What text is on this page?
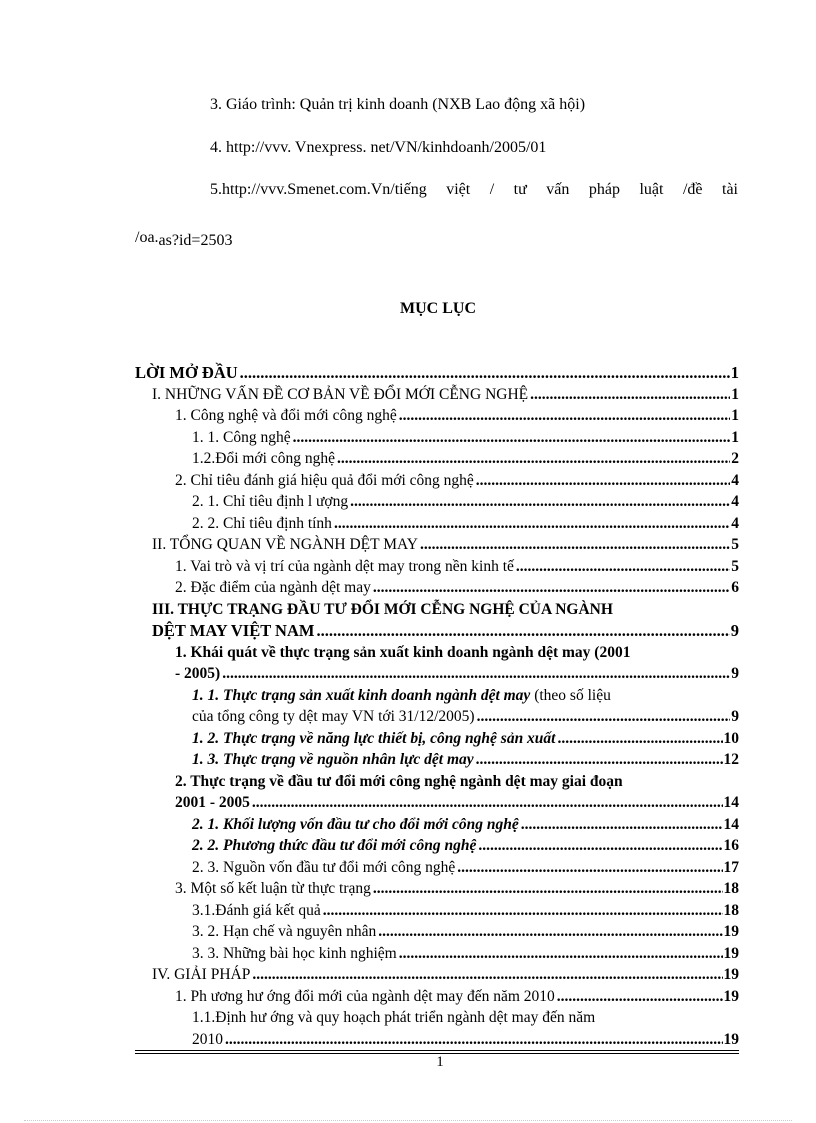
3. Giáo trình: Quản trị kinh doanh (NXB Lao động xã hội)
4. http://vvv. Vnexpress. net/VN/kinhdoanh/2005/01
5.http://vvv.Smenet.com.Vn/tiếng việt / tư vấn pháp luật /đề tài
/oa.as?id=2503
MỤC LỤC
LỜI MỞ ĐẦU .....	1
I. NHỮNG VẤN ĐỀ CƠ BẢN VỀ ĐỔI MỚI CỄNG NGHỆ .....	1
1. Công nghệ và đổi mới công nghệ .....	1
1. 1. Công nghệ .....	1
1.2.Đổi mới công nghệ .....	2
2. Chỉ tiêu đánh giá hiệu quả đổi mới công nghệ .....	4
2. 1. Chỉ tiêu định l ượng .....	4
2. 2. Chỉ tiêu định tính .....	4
II. TỔNG QUAN VỀ NGÀNH DỆT MAY .....	5
1. Vai trò và vị trí của ngành dệt may trong nền kinh tế .....	5
2. Đặc điểm của ngành dệt may .....	6
III. THỰC TRẠNG ĐẦU TƯ ĐỔI MỚI CỄNG NGHỆ CỦA NGÀNH
DỆT MAY VIỆT NAM .....	9
1. Khái quát về thực trạng sản xuất kinh doanh ngành dệt may (2001
- 2005) .....	9
1. 1. Thực trạng sản xuất kinh doanh ngành dệt may (theo số liệu
của tổng công ty dệt may VN tới 31/12/2005) .....	9
1. 2. Thực trạng về năng lực thiết bị, công nghệ sản xuất .....	10
1. 3. Thực trạng về nguồn nhân lực dệt may .....	12
2. Thực trạng về đầu tư đổi mới công nghệ ngành dệt may giai đoạn
2001 - 2005 .....	14
2. 1. Khối lượng vốn đầu tư cho đổi mới công nghệ .....	14
2. 2. Phương thức đầu tư đổi mới công nghệ .....	16
2. 3. Nguồn vốn đầu tư đổi mới công nghệ .....	17
3. Một số kết luận từ thực trạng .....	18
3.1.Đánh giá kết quả .....	18
3. 2. Hạn chế và nguyên nhân .....	19
3. 3. Những bài học kinh nghiệm .....	19
IV. GIẢI PHÁP .....	19
1. Ph ương hư ớng đổi mới của ngành dệt may đến năm 2010 .....	19
1.1.Định hư ớng và quy hoạch phát triển ngành dệt may đến năm
2010 .....	19
1
